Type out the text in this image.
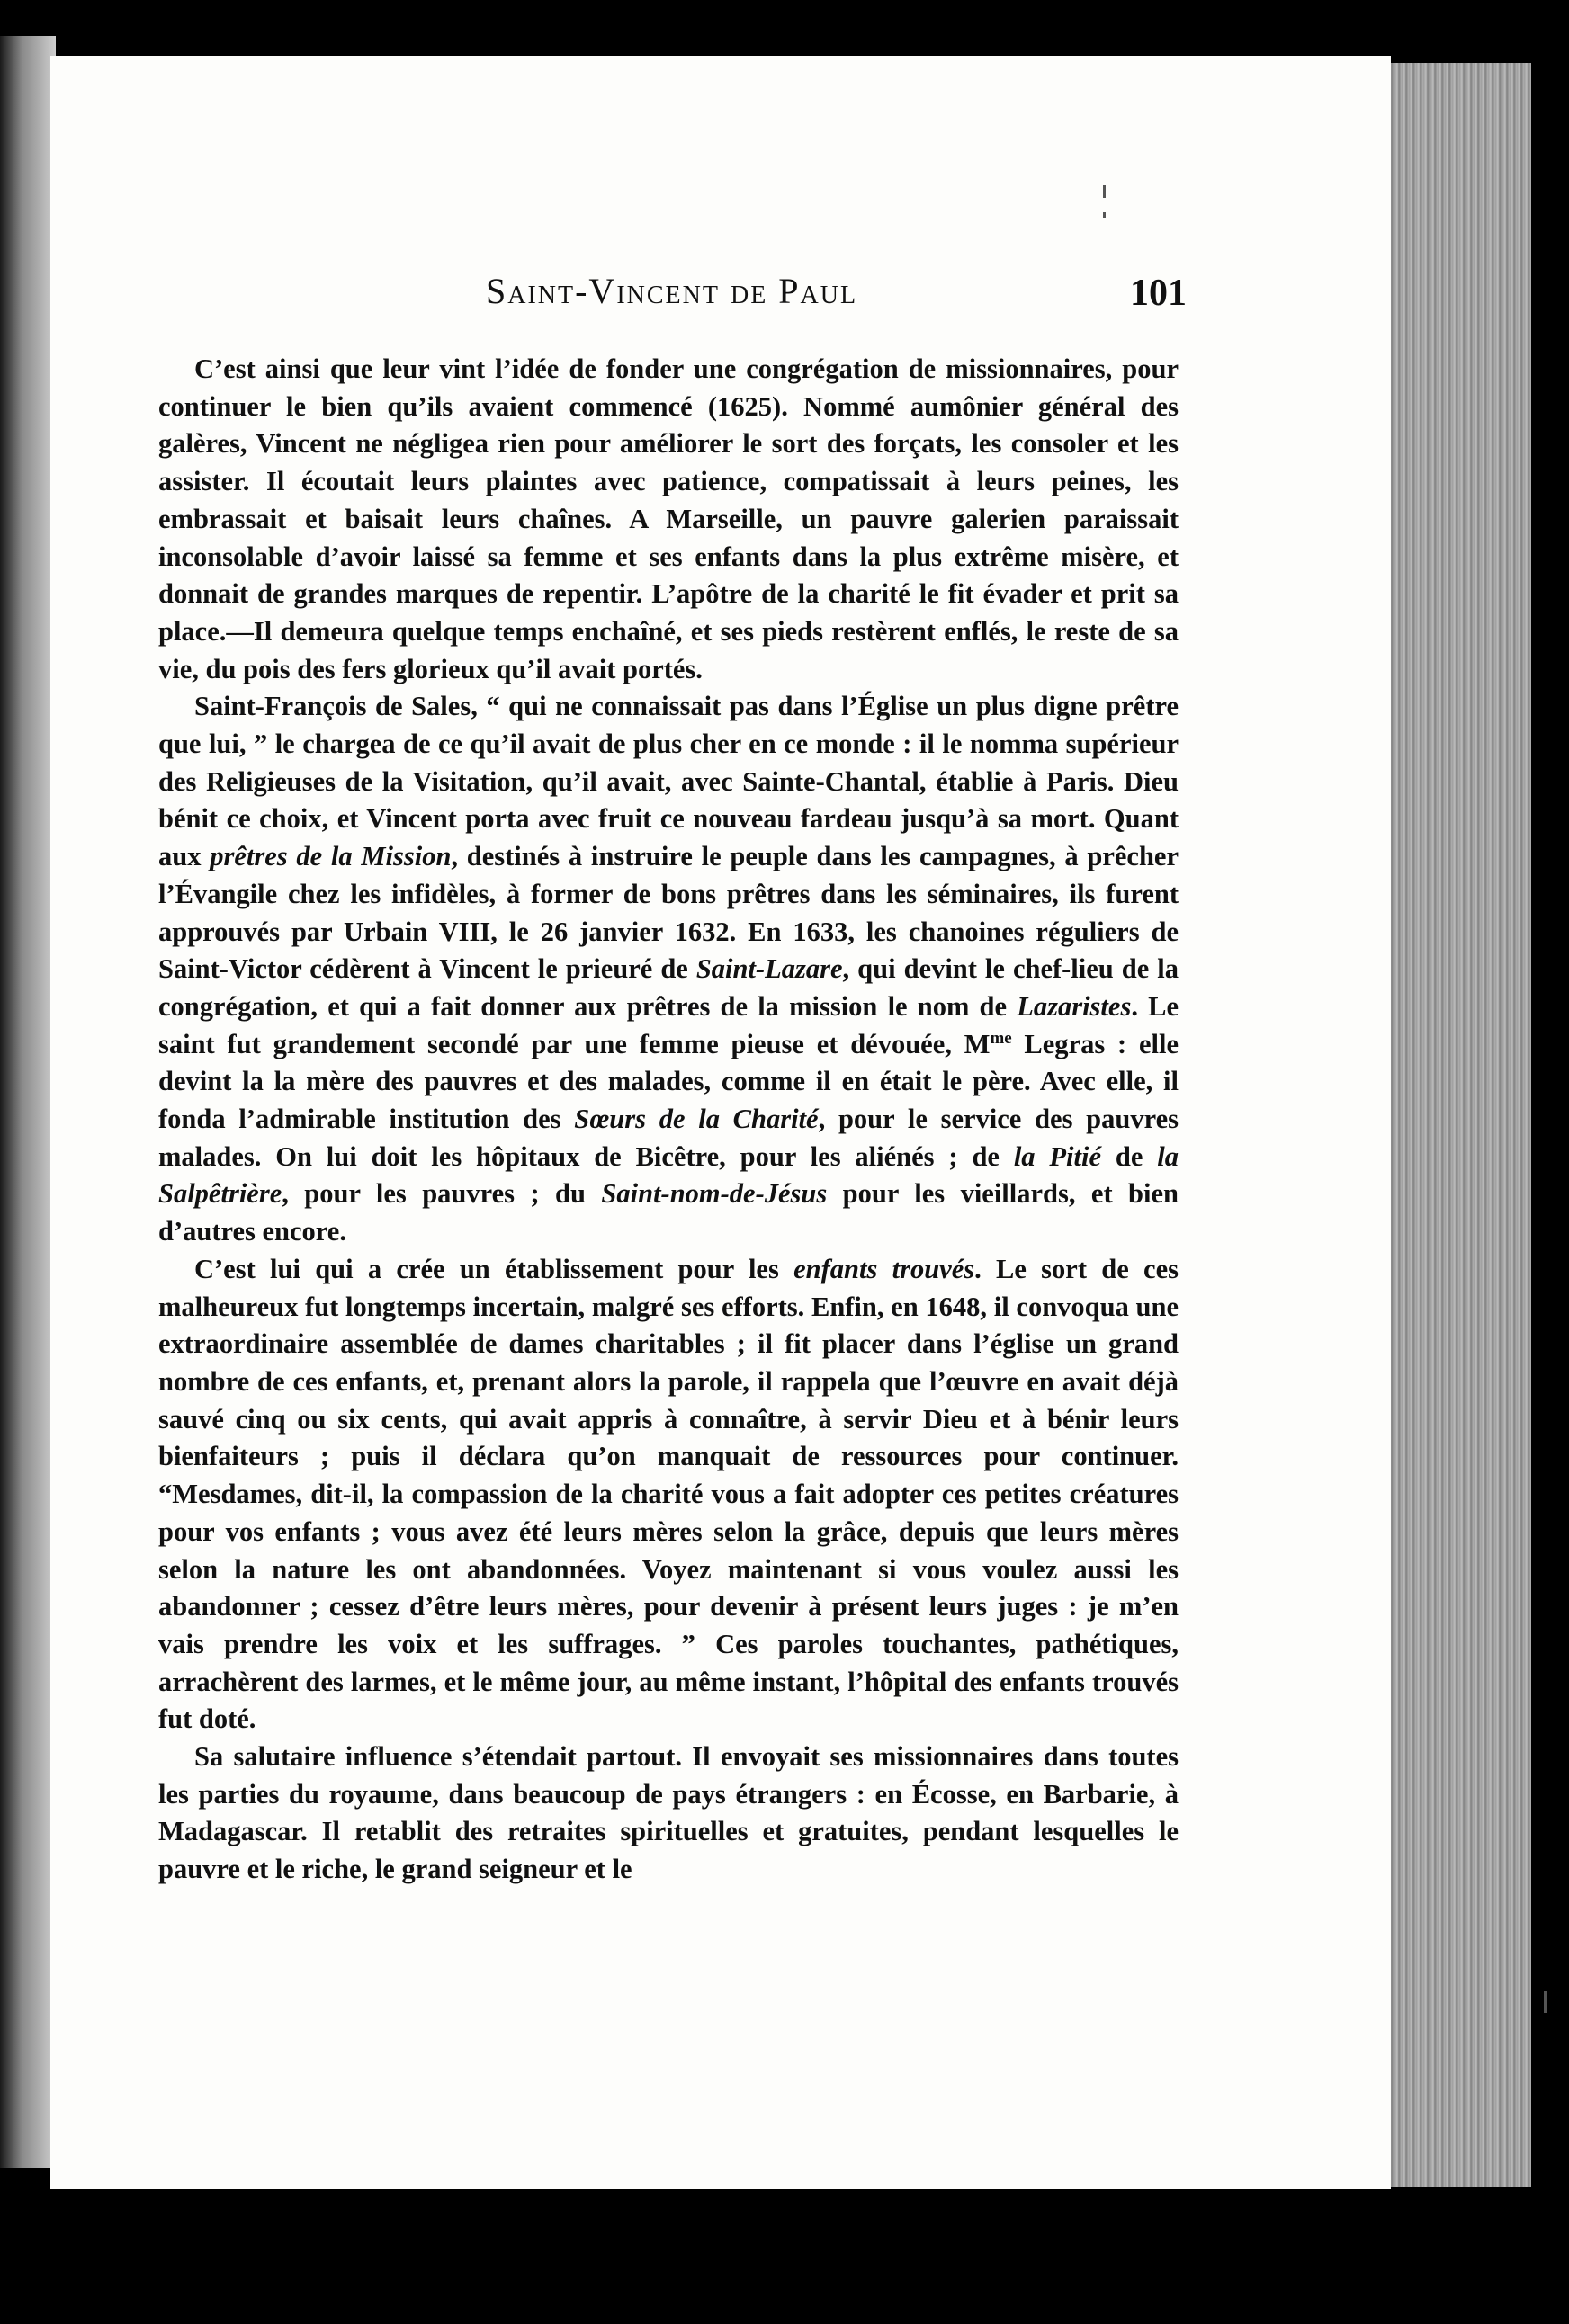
Saint-Vincent de Paul	101

C’est ainsi que leur vint l’idée de fonder une congrégation de missionnaires, pour continuer le bien qu’ils avaient commencé (1625). Nommé aumônier général des galères, Vincent ne négligea rien pour améliorer le sort des forçats, les consoler et les assister. Il écoutait leurs plaintes avec patience, compatissait à leurs peines, les embrassait et baisait leurs chaînes. A Marseille, un pauvre galerien paraissait inconsolable d’avoir laissé sa femme et ses enfants dans la plus extrême misère, et donnait de grandes marques de repentir. L’apôtre de la charité le fit évader et prit sa place.—Il demeura quelque temps enchaîné, et ses pieds restèrent enflés, le reste de sa vie, du pois des fers glorieux qu’il avait portés.

Saint-François de Sales, “ qui ne connaissait pas dans l’Église un plus digne prêtre que lui, ” le chargea de ce qu’il avait de plus cher en ce monde : il le nomma supérieur des Religieuses de la Visitation, qu’il avait, avec Sainte-Chantal, établie à Paris. Dieu bénit ce choix, et Vincent porta avec fruit ce nouveau fardeau jusqu’à sa mort. Quant aux prêtres de la Mission, destinés à instruire le peuple dans les campagnes, à prêcher l’Évangile chez les infidèles, à former de bons prêtres dans les séminaires, ils furent approuvés par Urbain VIII, le 26 janvier 1632. En 1633, les chanoines réguliers de Saint-Victor cédèrent à Vincent le prieuré de Saint-Lazare, qui devint le chef-lieu de la congrégation, et qui a fait donner aux prêtres de la mission le nom de Lazaristes. Le saint fut grandement secondé par une femme pieuse et dévouée, $M^{me}$ Legras : elle devint la la mère des pauvres et des malades, comme il en était le père. Avec elle, il fonda l’admirable institution des Sœurs de la Charité, pour le service des pauvres malades. On lui doit les hôpitaux de Bicêtre, pour les aliénés ; de la Pitié de la Salpêtrière, pour les pauvres ; du Saint-nom-de-Jésus pour les vieillards, et bien d’autres encore.

C’est lui qui a crée un établissement pour les enfants trouvés. Le sort de ces malheureux fut longtemps incertain, malgré ses efforts. Enfin, en 1648, il convoqua une extraordinaire assemblée de dames charitables ; il fit placer dans l’église un grand nombre de ces enfants, et, prenant alors la parole, il rappela que l’œuvre en avait déjà sauvé cinq ou six cents, qui avait appris à connaître, à servir Dieu et à bénir leurs bienfaiteurs ; puis il déclara qu’on manquait de ressources pour continuer. “Mesdames, dit-il, la compassion de la charité vous a fait adopter ces petites créatures pour vos enfants ; vous avez été leurs mères selon la grâce, depuis que leurs mères selon la nature les ont abandonnées. Voyez maintenant si vous voulez aussi les abandonner ; cessez d’être leurs mères, pour devenir à présent leurs juges : je m’en vais prendre les voix et les suffrages. ” Ces paroles touchantes, pathétiques, arrachèrent des larmes, et le même jour, au même instant, l’hôpital des enfants trouvés fut doté.

Sa salutaire influence s’étendait partout. Il envoyait ses missionnaires dans toutes les parties du royaume, dans beaucoup de pays étrangers : en Écosse, en Barbarie, à Madagascar. Il retablit des retraites spirituelles et gratuites, pendant lesquelles le pauvre et le riche, le grand seigneur et le
